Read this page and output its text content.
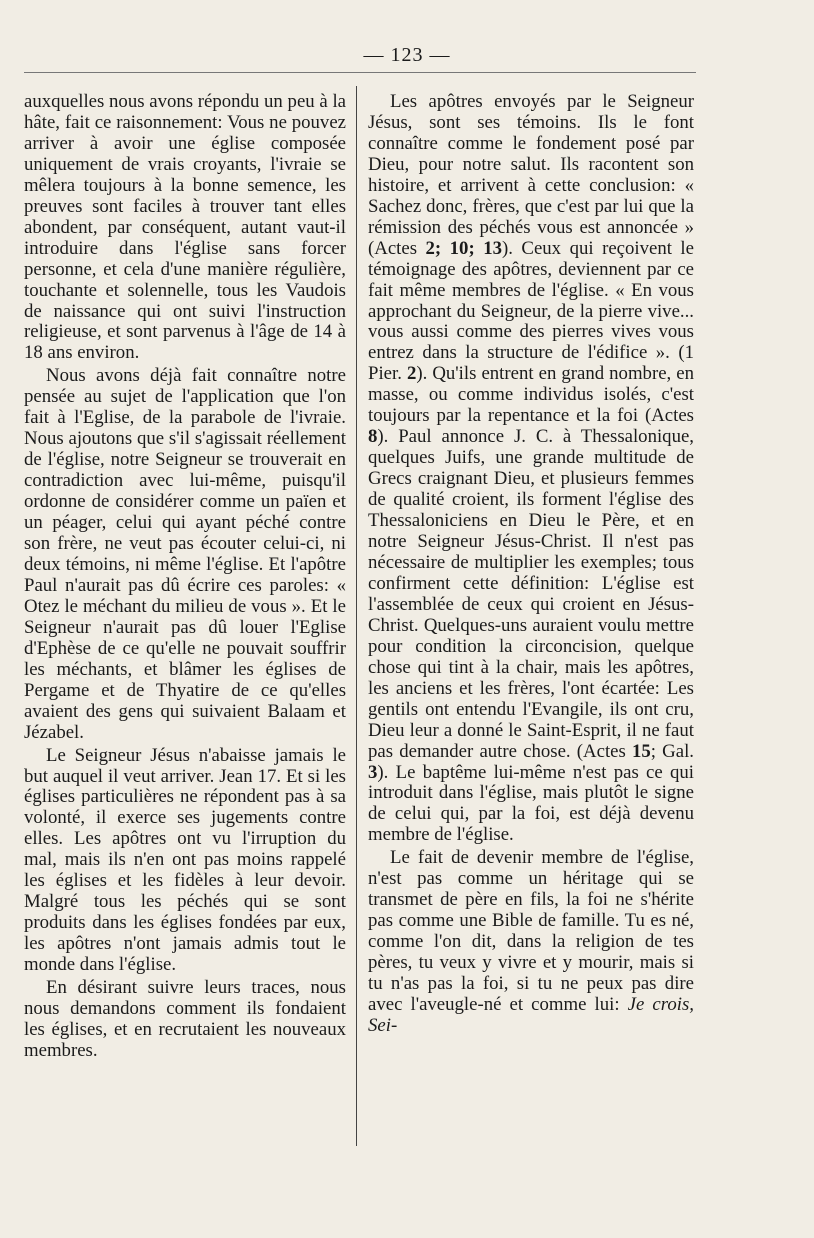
— 123 —

auxquelles nous avons répondu un peu à la hâte, fait ce raisonnement: Vous ne pouvez arriver à avoir une église composée uniquement de vrais croyants, l'ivraie se mêlera toujours à la bonne semence, les preuves sont faciles à trouver tant elles abondent, par conséquent, autant vaut-il introduire dans l'église sans forcer personne, et cela d'une manière régulière, touchante et solennelle, tous les Vaudois de naissance qui ont suivi l'instruction religieuse, et sont parvenus à l'âge de 14 à 18 ans environ.

Nous avons déjà fait connaître notre pensée au sujet de l'application que l'on fait à l'Eglise, de la parabole de l'ivraie. Nous ajoutons que s'il s'agissait réellement de l'église, notre Seigneur se trouverait en contradiction avec lui-même, puisqu'il ordonne de considérer comme un païen et un péager, celui qui ayant péché contre son frère, ne veut pas écouter celui-ci, ni deux témoins, ni même l'église. Et l'apôtre Paul n'aurait pas dû écrire ces paroles: « Otez le méchant du milieu de vous ». Et le Seigneur n'aurait pas dû louer l'Eglise d'Ephèse de ce qu'elle ne pouvait souffrir les méchants, et blâmer les églises de Pergame et de Thyatire de ce qu'elles avaient des gens qui suivaient Balaam et Jézabel.

Le Seigneur Jésus n'abaisse jamais le but auquel il veut arriver. Jean 17. Et si les églises particulières ne répondent pas à sa volonté, il exerce ses jugements contre elles. Les apôtres ont vu l'irruption du mal, mais ils n'en ont pas moins rappelé les églises et les fidèles à leur devoir. Malgré tous les péchés qui se sont produits dans les églises fondées par eux, les apôtres n'ont jamais admis tout le monde dans l'église.

En désirant suivre leurs traces, nous nous demandons comment ils fondaient les églises, et en recrutaient les nouveaux membres.

Les apôtres envoyés par le Seigneur Jésus, sont ses témoins. Ils le font connaître comme le fondement posé par Dieu, pour notre salut. Ils racontent son histoire, et arrivent à cette conclusion: « Sachez donc, frères, que c'est par lui que la rémission des péchés vous est annoncée » (Actes 2; 10; 13). Ceux qui reçoivent le témoignage des apôtres, deviennent par ce fait même membres de l'église. « En vous approchant du Seigneur, de la pierre vive... vous aussi comme des pierres vives vous entrez dans la structure de l'édifice ». (1 Pier. 2). Qu'ils entrent en grand nombre, en masse, ou comme individus isolés, c'est toujours par la repentance et la foi (Actes 8). Paul annonce J. C. à Thessalonique, quelques Juifs, une grande multitude de Grecs craignant Dieu, et plusieurs femmes de qualité croient, ils forment l'église des Thessaloniciens en Dieu le Père, et en notre Seigneur Jésus-Christ. Il n'est pas nécessaire de multiplier les exemples; tous confirment cette définition: L'église est l'assemblée de ceux qui croient en Jésus-Christ. Quelques-uns auraient voulu mettre pour condition la circoncision, quelque chose qui tint à la chair, mais les apôtres, les anciens et les frères, l'ont écartée: Les gentils ont entendu l'Evangile, ils ont cru, Dieu leur a donné le Saint-Esprit, il ne faut pas demander autre chose. (Actes 15; Gal. 3). Le baptême lui-même n'est pas ce qui introduit dans l'église, mais plutôt le signe de celui qui, par la foi, est déjà devenu membre de l'église.

Le fait de devenir membre de l'église, n'est pas comme un héritage qui se transmet de père en fils, la foi ne s'hérite pas comme une Bible de famille. Tu es né, comme l'on dit, dans la religion de tes pères, tu veux y vivre et y mourir, mais si tu n'as pas la foi, si tu ne peux pas dire avec l'aveugle-né et comme lui: Je crois, Sei-
